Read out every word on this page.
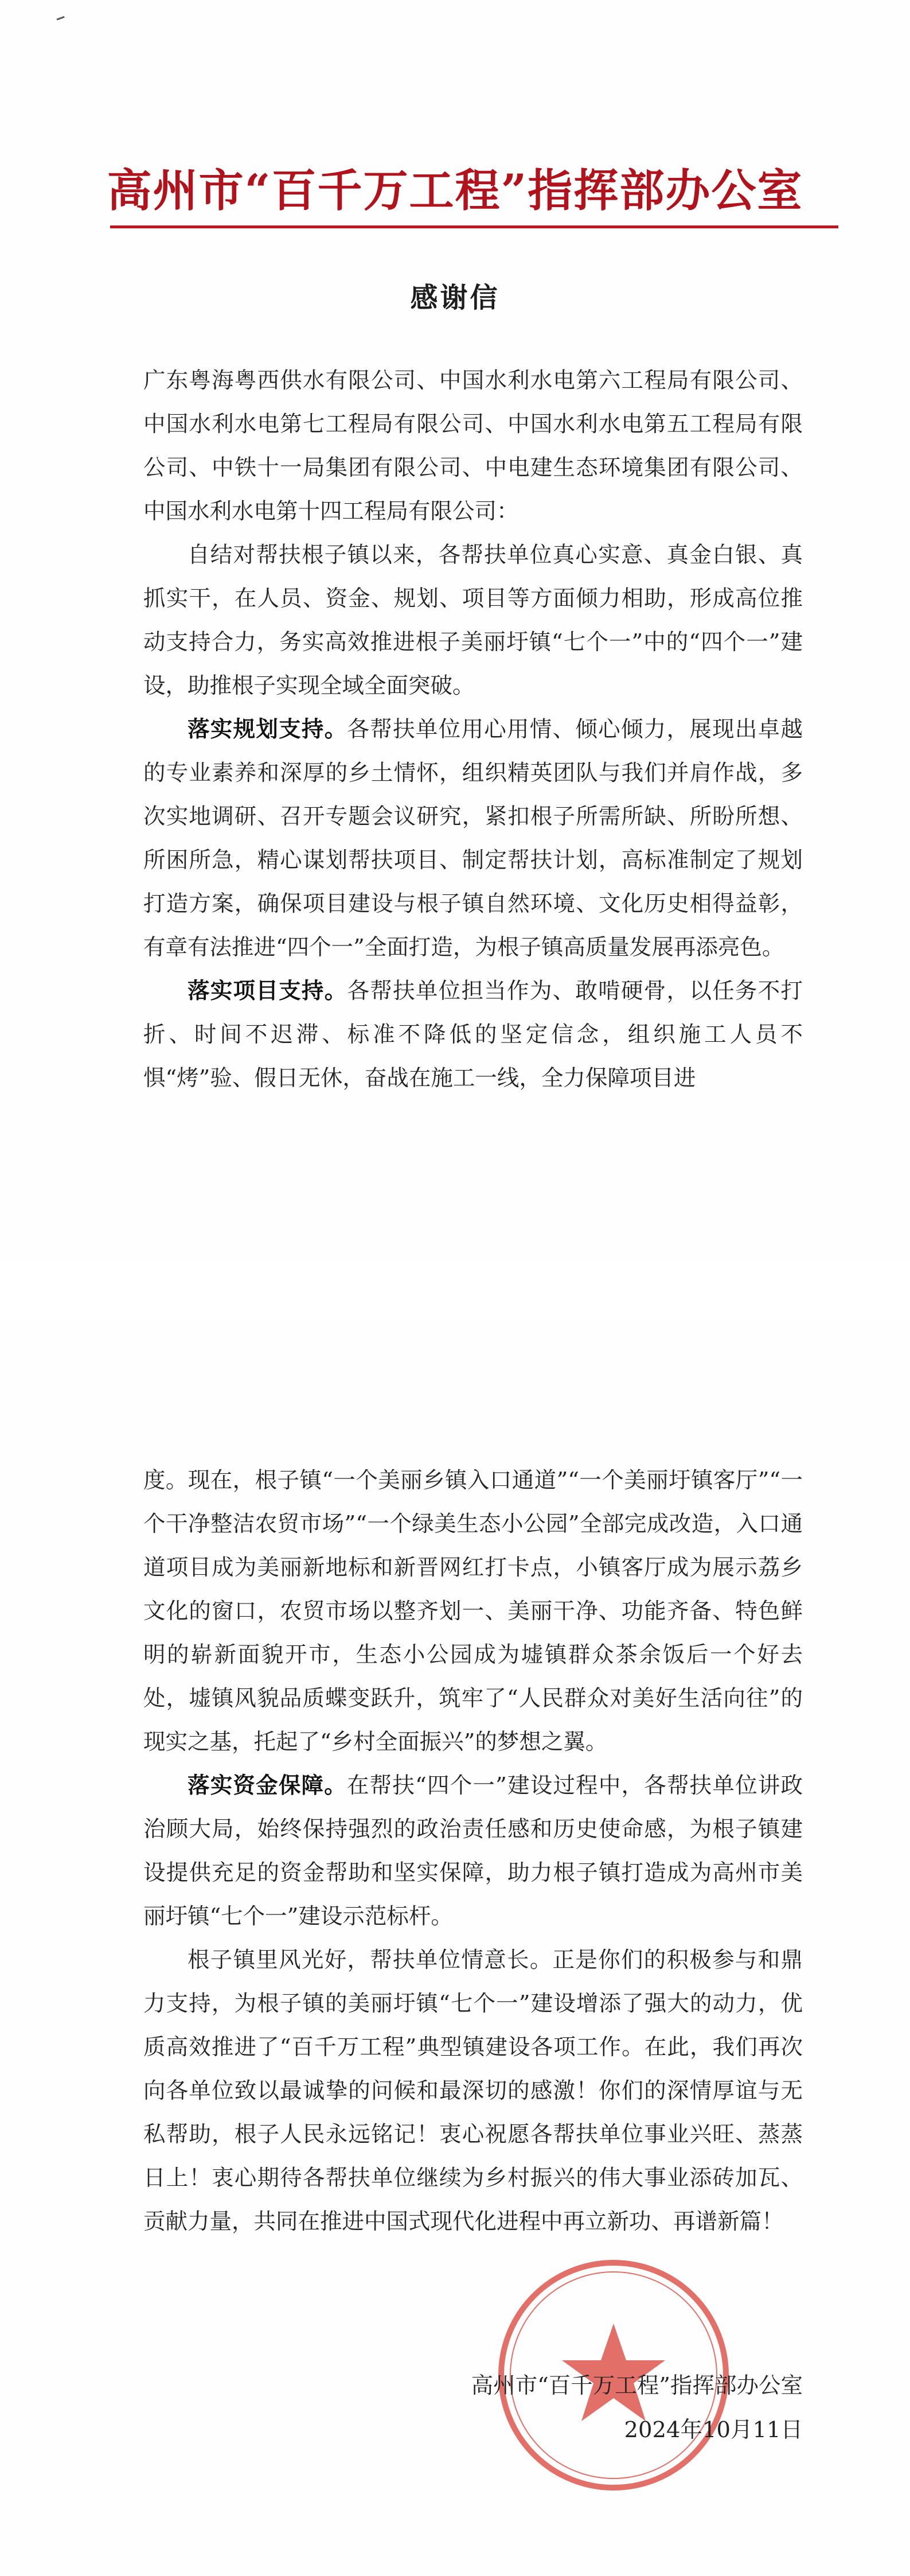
高州市“百千万工程”指挥部办公室
感谢信

广东粤海粤西供水有限公司、中国水利水电第六工程局有限公司、中国水利水电第七工程局有限公司、中国水利水电第五工程局有限公司、中铁十一局集团有限公司、中电建生态环境集团有限公司、中国水利水电第十四工程局有限公司：

自结对帮扶根子镇以来，各帮扶单位真心实意、真金白银、真抓实干，在人员、资金、规划、项目等方面倾力相助，形成高位推动支持合力，务实高效推进根子美丽圩镇“七个一”中的“四个一”建设，助推根子实现全域全面突破。

落实规划支持。各帮扶单位用心用情、倾心倾力，展现出卓越的专业素养和深厚的乡土情怀，组织精英团队与我们并肩作战，多次实地调研、召开专题会议研究，紧扣根子所需所缺、所盼所想、所困所急，精心谋划帮扶项目、制定帮扶计划，高标准制定了规划打造方案，确保项目建设与根子镇自然环境、文化历史相得益彰，有章有法推进“四个一”全面打造，为根子镇高质量发展再添亮色。

落实项目支持。各帮扶单位担当作为、敢啃硬骨，以任务不打折、时间不迟滞、标准不降低的坚定信念，组织施工人员不惧“烤”验、假日无休，奋战在施工一线，全力保障项目进

度。现在，根子镇“一个美丽乡镇入口通道”“一个美丽圩镇客厅”“一个干净整洁农贸市场”“一个绿美生态小公园”全部完成改造，入口通道项目成为美丽新地标和新晋网红打卡点，小镇客厅成为展示荔乡文化的窗口，农贸市场以整齐划一、美丽干净、功能齐备、特色鲜明的崭新面貌开市，生态小公园成为墟镇群众茶余饭后一个好去处，墟镇风貌品质蝶变跃升，筑牢了“人民群众对美好生活向往”的现实之基，托起了“乡村全面振兴”的梦想之翼。

落实资金保障。在帮扶“四个一”建设过程中，各帮扶单位讲政治顾大局，始终保持强烈的政治责任感和历史使命感，为根子镇建设提供充足的资金帮助和坚实保障，助力根子镇打造成为高州市美丽圩镇“七个一”建设示范标杆。

根子镇里风光好，帮扶单位情意长。正是你们的积极参与和鼎力支持，为根子镇的美丽圩镇“七个一”建设增添了强大的动力，优质高效推进了“百千万工程”典型镇建设各项工作。在此，我们再次向各单位致以最诚挚的问候和最深切的感激！你们的深情厚谊与无私帮助，根子人民永远铭记！衷心祝愿各帮扶单位事业兴旺、蒸蒸日上！衷心期待各帮扶单位继续为乡村振兴的伟大事业添砖加瓦、贡献力量，共同在推进中国式现代化进程中再立新功、再谱新篇！

高州市“百千万工程”指挥部办公室
2024年10月11日
